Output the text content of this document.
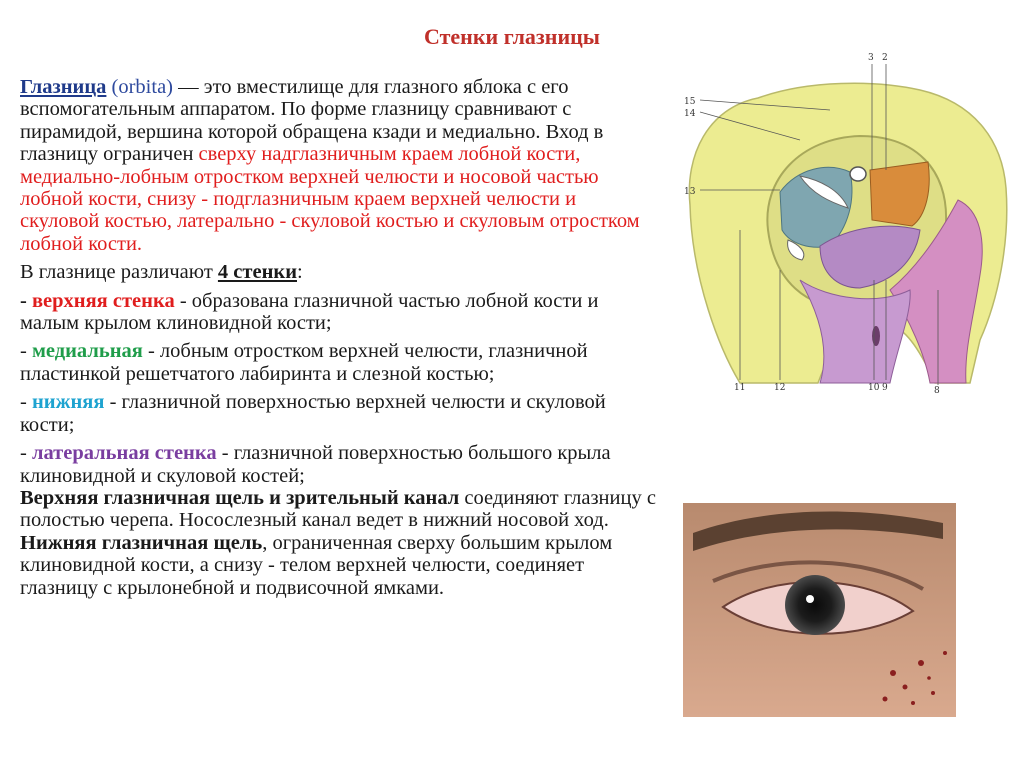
Стенки глазницы

Глазница (orbita) — это вместилище для глазного яблока с его вспомогательным аппаратом. По форме глазницу сравнивают с пирамидой, вершина которой обращена кзади и медиально. Вход в глазницу ограничен сверху надглазничным краем лобной кости, медиально-лобным отростком верхней челюсти и носовой частью лобной кости, снизу - подглазничным краем верхней челюсти и скуловой костью, латерально - скуловой костью и скуловым отростком лобной кости.

В глазнице различают 4 стенки:

- верхняя стенка - образована глазничной частью лобной кости и малым крылом клиновидной кости;

- медиальная - лобным отростком верхней челюсти, глазничной пластинкой решетчатого лабиринта и слезной костью;

- нижняя - глазничной поверхностью верхней челюсти и скуловой кости;

- латеральная стенка - глазничной поверхностью большого крыла клиновидной и скуловой костей;

Верхняя глазничная щель и зрительный канал соединяют глазницу с полостью черепа. Носослезный канал ведет в нижний носовой ход. Нижняя глазничная щель, ограниченная сверху большим крылом клиновидной кости, а снизу - телом верхней челюсти, соединяет глазницу с крылонебной и подвисочной ямками.

3 2
15
14
13
11	12	10 9	8
